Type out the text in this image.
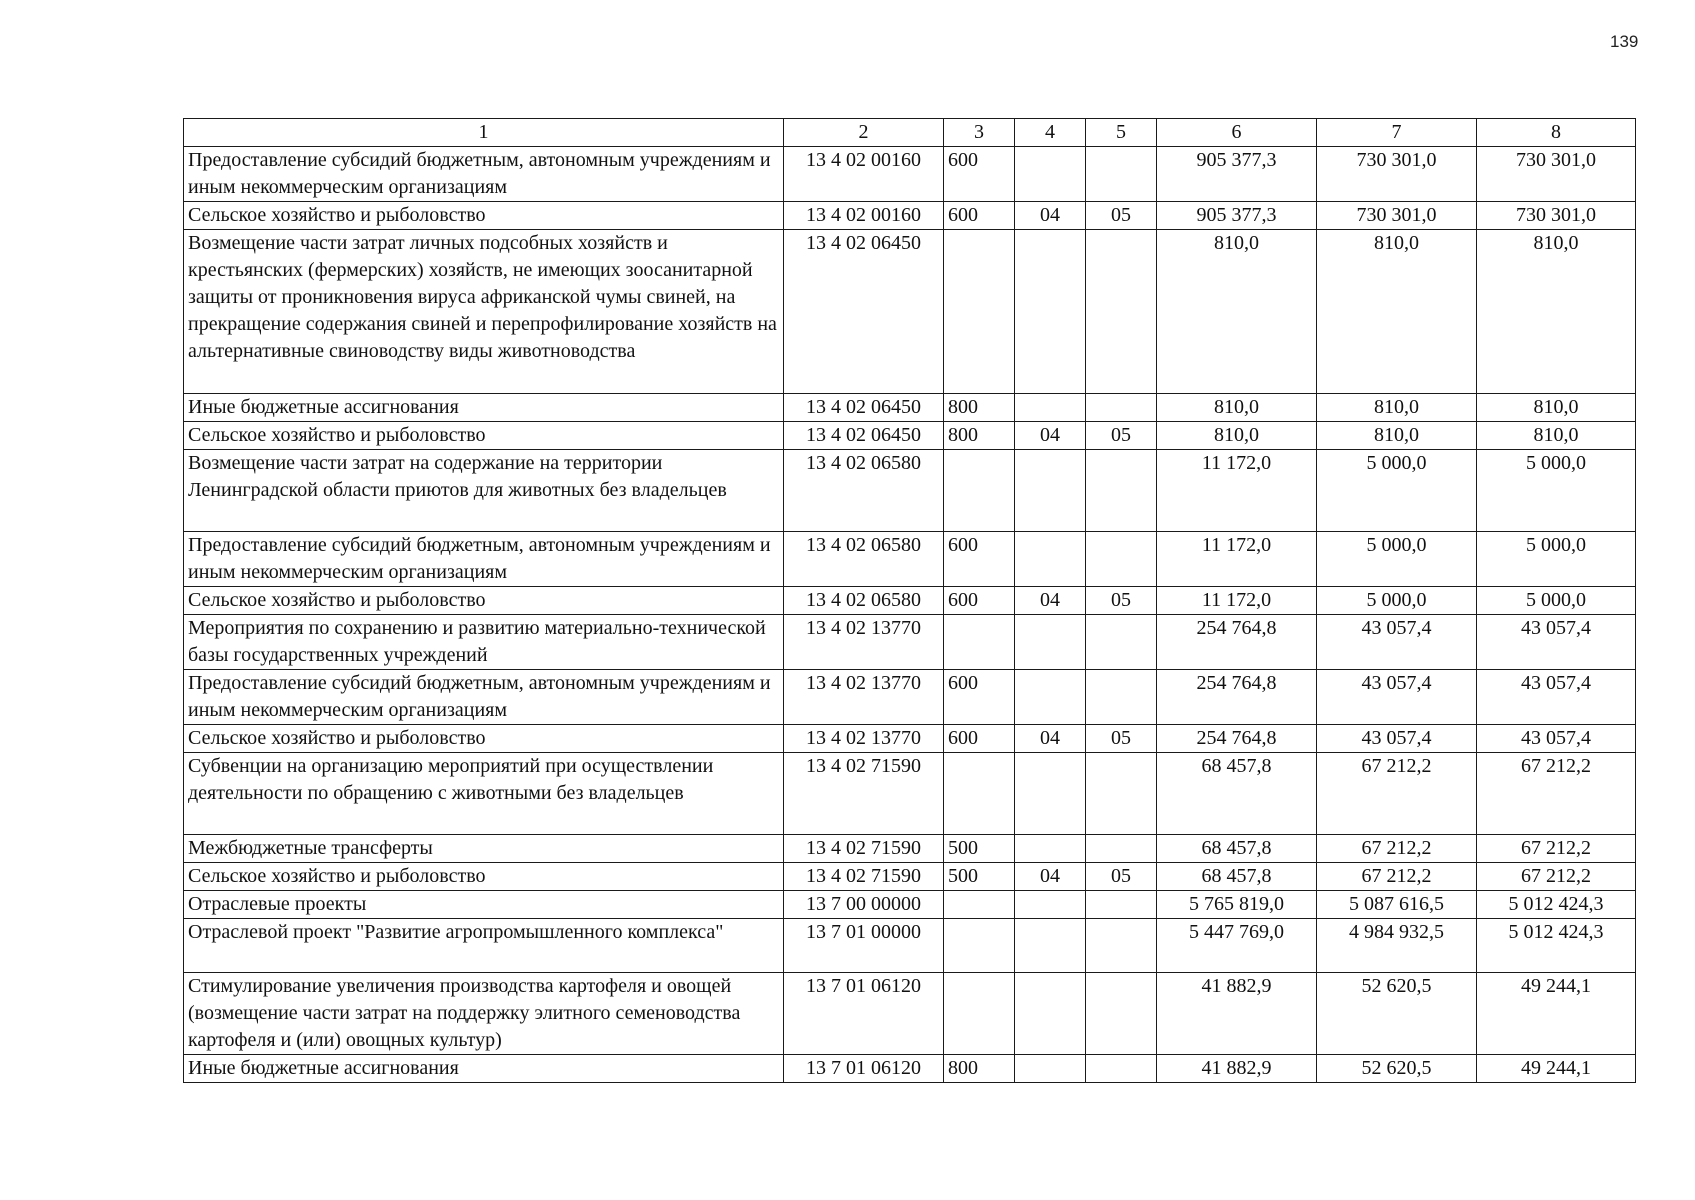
139
1	2	3	4	5	6	7	8
Предоставление субсидий бюджетным, автономным учреждениям и иным некоммерческим организациям	13 4 02 00160	600			905 377,3	730 301,0	730 301,0
Сельское хозяйство и рыболовство	13 4 02 00160	600	04	05	905 377,3	730 301,0	730 301,0
Возмещение части затрат личных подсобных хозяйств и крестьянских (фермерских) хозяйств, не имеющих зоосанитарной защиты от проникновения вируса африканской чумы свиней, на прекращение содержания свиней и перепрофилирование хозяйств на альтернативные свиноводству виды животноводства	13 4 02 06450				810,0	810,0	810,0
Иные бюджетные ассигнования	13 4 02 06450	800			810,0	810,0	810,0
Сельское хозяйство и рыболовство	13 4 02 06450	800	04	05	810,0	810,0	810,0
Возмещение части затрат на содержание на территории Ленинградской области приютов для животных без владельцев	13 4 02 06580				11 172,0	5 000,0	5 000,0
Предоставление субсидий бюджетным, автономным учреждениям и иным некоммерческим организациям	13 4 02 06580	600			11 172,0	5 000,0	5 000,0
Сельское хозяйство и рыболовство	13 4 02 06580	600	04	05	11 172,0	5 000,0	5 000,0
Мероприятия по сохранению и развитию материально-технической базы государственных учреждений	13 4 02 13770				254 764,8	43 057,4	43 057,4
Предоставление субсидий бюджетным, автономным учреждениям и иным некоммерческим организациям	13 4 02 13770	600			254 764,8	43 057,4	43 057,4
Сельское хозяйство и рыболовство	13 4 02 13770	600	04	05	254 764,8	43 057,4	43 057,4
Субвенции на организацию мероприятий при осуществлении деятельности по обращению с животными без владельцев	13 4 02 71590				68 457,8	67 212,2	67 212,2
Межбюджетные трансферты	13 4 02 71590	500			68 457,8	67 212,2	67 212,2
Сельское хозяйство и рыболовство	13 4 02 71590	500	04	05	68 457,8	67 212,2	67 212,2
Отраслевые проекты	13 7 00 00000				5 765 819,0	5 087 616,5	5 012 424,3
Отраслевой проект "Развитие агропромышленного комплекса"	13 7 01 00000				5 447 769,0	4 984 932,5	5 012 424,3
Стимулирование увеличения производства картофеля и овощей (возмещение части затрат на поддержку элитного семеноводства картофеля и (или) овощных культур)	13 7 01 06120				41 882,9	52 620,5	49 244,1
Иные бюджетные ассигнования	13 7 01 06120	800			41 882,9	52 620,5	49 244,1
